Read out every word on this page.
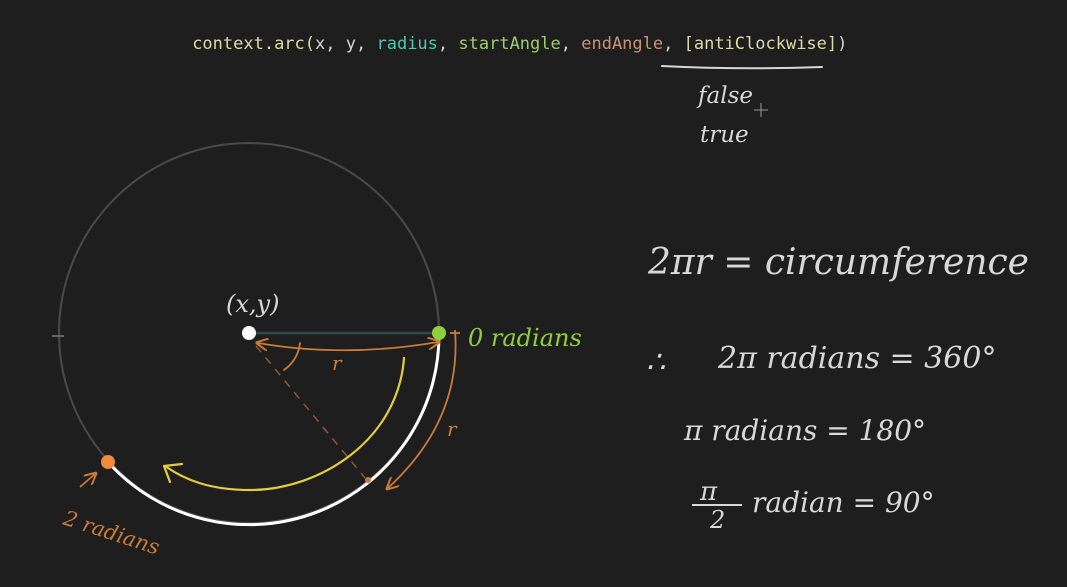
context.arc(x, y, radius, startAngle, endAngle, [antiClockwise])
false
true
r
r
(x,y)
0 radians
2 radians
2πr = circumference
∴ 2π radians = 360°
π radians = 180°
π
2
radian = 90°
